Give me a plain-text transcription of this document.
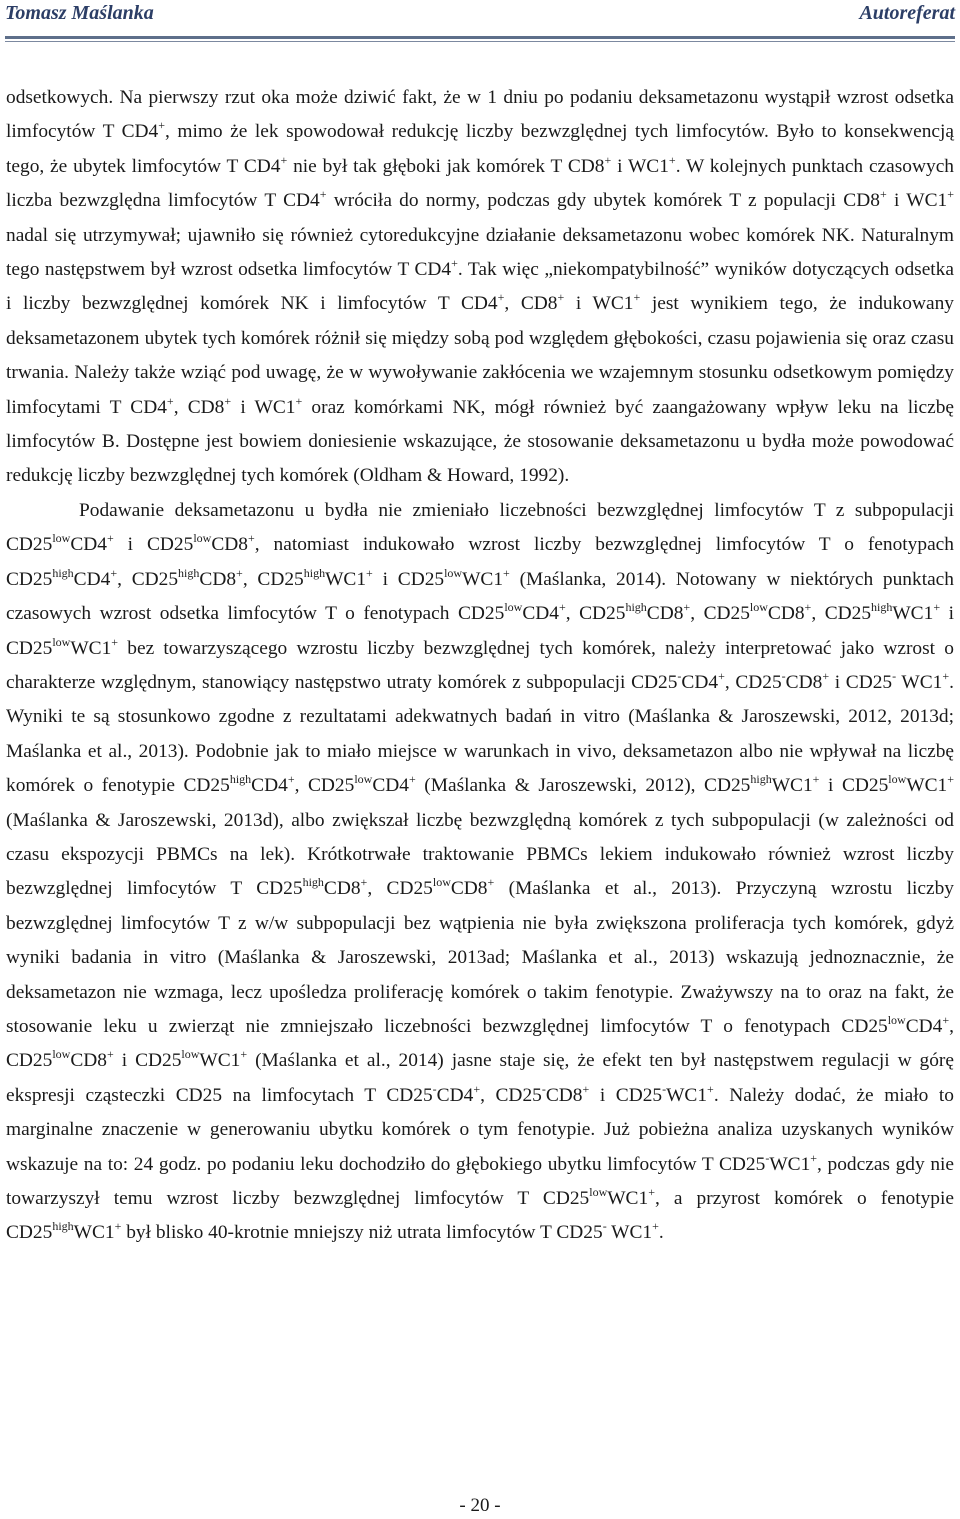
Tomasz Maślanka	Autoreferat

odsetkowych. Na pierwszy rzut oka może dziwić fakt, że w 1 dniu po podaniu deksametazonu wystąpił wzrost odsetka limfocytów T CD4+, mimo że lek spowodował redukcję liczby bezwzględnej tych limfocytów. Było to konsekwencją tego, że ubytek limfocytów T CD4+ nie był tak głęboki jak komórek T CD8+ i WC1+. W kolejnych punktach czasowych liczba bezwzględna limfocytów T CD4+ wróciła do normy, podczas gdy ubytek komórek T z populacji CD8+ i WC1+ nadal się utrzymywał; ujawniło się również cytoredukcyjne działanie deksametazonu wobec komórek NK. Naturalnym tego następstwem był wzrost odsetka limfocytów T CD4+. Tak więc „niekompatybilność” wyników dotyczących odsetka i liczby bezwzględnej komórek NK i limfocytów T CD4+, CD8+ i WC1+ jest wynikiem tego, że indukowany deksametazonem ubytek tych komórek różnił się między sobą pod względem głębokości, czasu pojawienia się oraz czasu trwania. Należy także wziąć pod uwagę, że w wywoływanie zakłócenia we wzajemnym stosunku odsetkowym pomiędzy limfocytami T CD4+, CD8+ i WC1+ oraz komórkami NK, mógł również być zaangażowany wpływ leku na liczbę limfocytów B. Dostępne jest bowiem doniesienie wskazujące, że stosowanie deksametazonu u bydła może powodować redukcję liczby bezwzględnej tych komórek (Oldham & Howard, 1992).

Podawanie deksametazonu u bydła nie zmieniało liczebności bezwzględnej limfocytów T z subpopulacji $CD25^{low}CD4^+$ i $CD25^{low}CD8^+$, natomiast indukowało wzrost liczby bezwzględnej limfocytów T o fenotypach $CD25^{high}CD4^+$, $CD25^{high}CD8^+$, $CD25^{high}WC1^+$ i $CD25^{low}WC1^+$ (Maślanka, 2014). Notowany w niektórych punktach czasowych wzrost odsetka limfocytów T o fenotypach $CD25^{low}CD4^+$, $CD25^{high}CD8^+$, $CD25^{low}CD8^+$, $CD25^{high}WC1^+$ i $CD25^{low}WC1^+$ bez towarzyszącego wzrostu liczby bezwzględnej tych komórek, należy interpretować jako wzrost o charakterze względnym, stanowiący następstwo utraty komórek z subpopulacji CD25-CD4+, CD25-CD8+ i CD25- WC1+. Wyniki te są stosunkowo zgodne z rezultatami adekwatnych badań in vitro (Maślanka & Jaroszewski, 2012, 2013d; Maślanka et al., 2013). Podobnie jak to miało miejsce w warunkach in vivo, deksametazon albo nie wpływał na liczbę komórek o fenotypie $CD25^{high}CD4^+$, $CD25^{low}CD4^+$ (Maślanka & Jaroszewski, 2012), $CD25^{high}WC1^+$ i $CD25^{low}WC1^+$ (Maślanka & Jaroszewski, 2013d), albo zwiększał liczbę bezwzględną komórek z tych subpopulacji (w zależności od czasu ekspozycji PBMCs na lek). Krótkotrwałe traktowanie PBMCs lekiem indukowało również wzrost liczby bezwzględnej limfocytów T $CD25^{high}CD8^+$, $CD25^{low}CD8^+$ (Maślanka et al., 2013). Przyczyną wzrostu liczby bezwzględnej limfocytów T z w/w subpopulacji bez wątpienia nie była zwiększona proliferacja tych komórek, gdyż wyniki badania in vitro (Maślanka & Jaroszewski, 2013ad; Maślanka et al., 2013) wskazują jednoznacznie, że deksametazon nie wzmaga, lecz upośledza proliferację komórek o takim fenotypie. Zważywszy na to oraz na fakt, że stosowanie leku u zwierząt nie zmniejszało liczebności bezwzględnej limfocytów T o fenotypach $CD25^{low}CD4^+$, $CD25^{low}CD8^+$ i $CD25^{low}WC1^+$ (Maślanka et al., 2014) jasne staje się, że efekt ten był następstwem regulacji w górę ekspresji cząsteczki CD25 na limfocytach T CD25-CD4+, CD25-CD8+ i CD25-WC1+. Należy dodać, że miało to marginalne znaczenie w generowaniu ubytku komórek o tym fenotypie. Już pobieżna analiza uzyskanych wyników wskazuje na to: 24 godz. po podaniu leku dochodziło do głębokiego ubytku limfocytów T CD25-WC1+, podczas gdy nie towarzyszył temu wzrost liczby bezwzględnej limfocytów T $CD25^{low}WC1^+$, a przyrost komórek o fenotypie $CD25^{high}WC1^+$ był blisko 40-krotnie mniejszy niż utrata limfocytów T CD25- WC1+.

- 20 -
